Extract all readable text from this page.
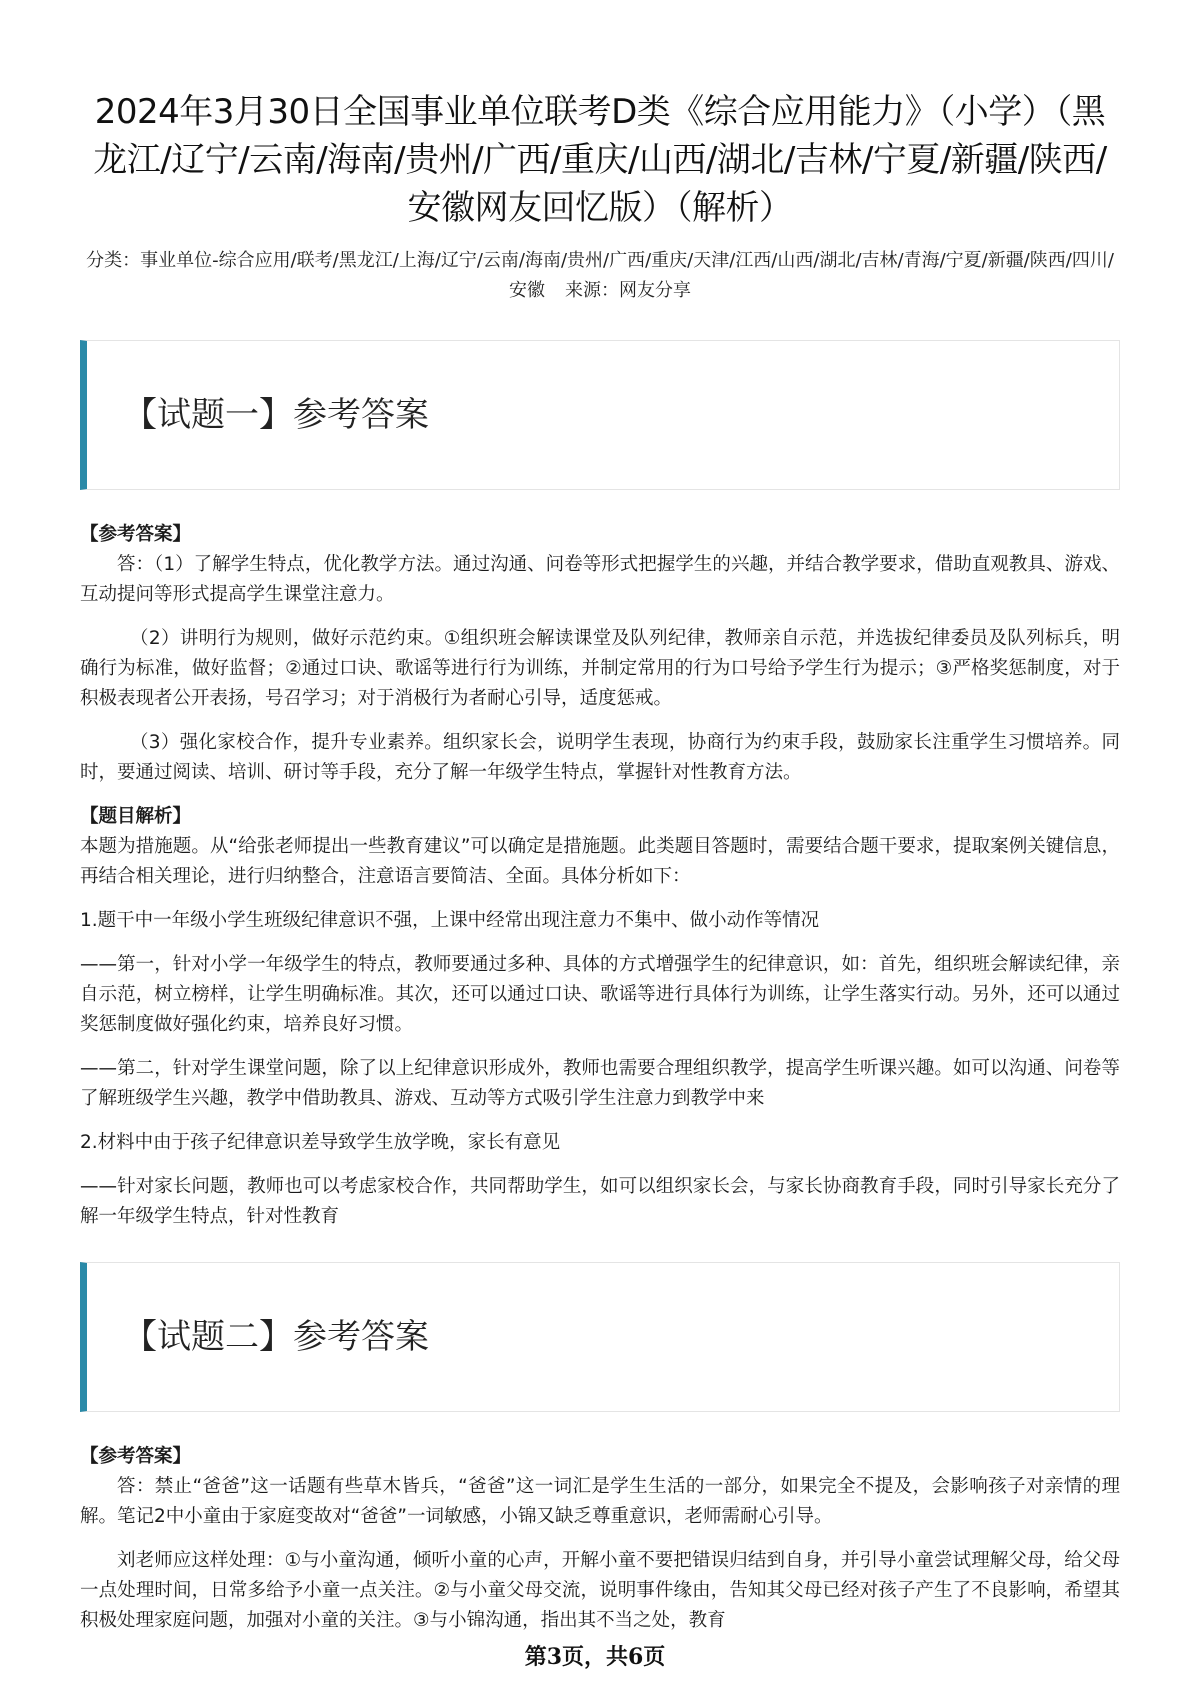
2024年3月30日全国事业单位联考D类《综合应用能力》（小学）（黑龙江/辽宁/云南/海南/贵州/广西/重庆/山西/湖北/吉林/宁夏/新疆/陕西/安徽网友回忆版）（解析）
分类：事业单位-综合应用/联考/黑龙江/上海/辽宁/云南/海南/贵州/广西/重庆/天津/江西/山西/湖北/吉林/青海/宁夏/新疆/陕西/四川/安徽 来源：网友分享
【试题一】参考答案
【参考答案】

答：（1）了解学生特点，优化教学方法。通过沟通、问卷等形式把握学生的兴趣，并结合教学要求，借助直观教具、游戏、互动提问等形式提高学生课堂注意力。

（2）讲明行为规则，做好示范约束。①组织班会解读课堂及队列纪律，教师亲自示范，并选拔纪律委员及队列标兵，明确行为标准，做好监督；②通过口诀、歌谣等进行行为训练，并制定常用的行为口号给予学生行为提示；③严格奖惩制度，对于积极表现者公开表扬，号召学习；对于消极行为者耐心引导，适度惩戒。

（3）强化家校合作，提升专业素养。组织家长会，说明学生表现，协商行为约束手段，鼓励家长注重学生习惯培养。同时，要通过阅读、培训、研讨等手段，充分了解一年级学生特点，掌握针对性教育方法。

【题目解析】

本题为措施题。从“给张老师提出一些教育建议”可以确定是措施题。此类题目答题时，需要结合题干要求，提取案例关键信息，再结合相关理论，进行归纳整合，注意语言要简洁、全面。具体分析如下：

1.题干中一年级小学生班级纪律意识不强，上课中经常出现注意力不集中、做小动作等情况

——第一，针对小学一年级学生的特点，教师要通过多种、具体的方式增强学生的纪律意识，如：首先，组织班会解读纪律，亲自示范，树立榜样，让学生明确标准。其次，还可以通过口诀、歌谣等进行具体行为训练，让学生落实行动。另外，还可以通过奖惩制度做好强化约束，培养良好习惯。

——第二，针对学生课堂问题，除了以上纪律意识形成外，教师也需要合理组织教学，提高学生听课兴趣。如可以沟通、问卷等了解班级学生兴趣，教学中借助教具、游戏、互动等方式吸引学生注意力到教学中来

2.材料中由于孩子纪律意识差导致学生放学晚，家长有意见

——针对家长问题，教师也可以考虑家校合作，共同帮助学生，如可以组织家长会，与家长协商教育手段，同时引导家长充分了解一年级学生特点，针对性教育

【试题二】参考答案
【参考答案】

答：禁止“爸爸”这一话题有些草木皆兵，“爸爸”这一词汇是学生生活的一部分，如果完全不提及，会影响孩子对亲情的理解。笔记2中小童由于家庭变故对“爸爸”一词敏感，小锦又缺乏尊重意识，老师需耐心引导。

刘老师应这样处理：①与小童沟通，倾听小童的心声，开解小童不要把错误归结到自身，并引导小童尝试理解父母，给父母一点处理时间，日常多给予小童一点关注。②与小童父母交流，说明事件缘由，告知其父母已经对孩子产生了不良影响，希望其积极处理家庭问题，加强对小童的关注。③与小锦沟通，指出其不当之处，教育

第3页，共6页
